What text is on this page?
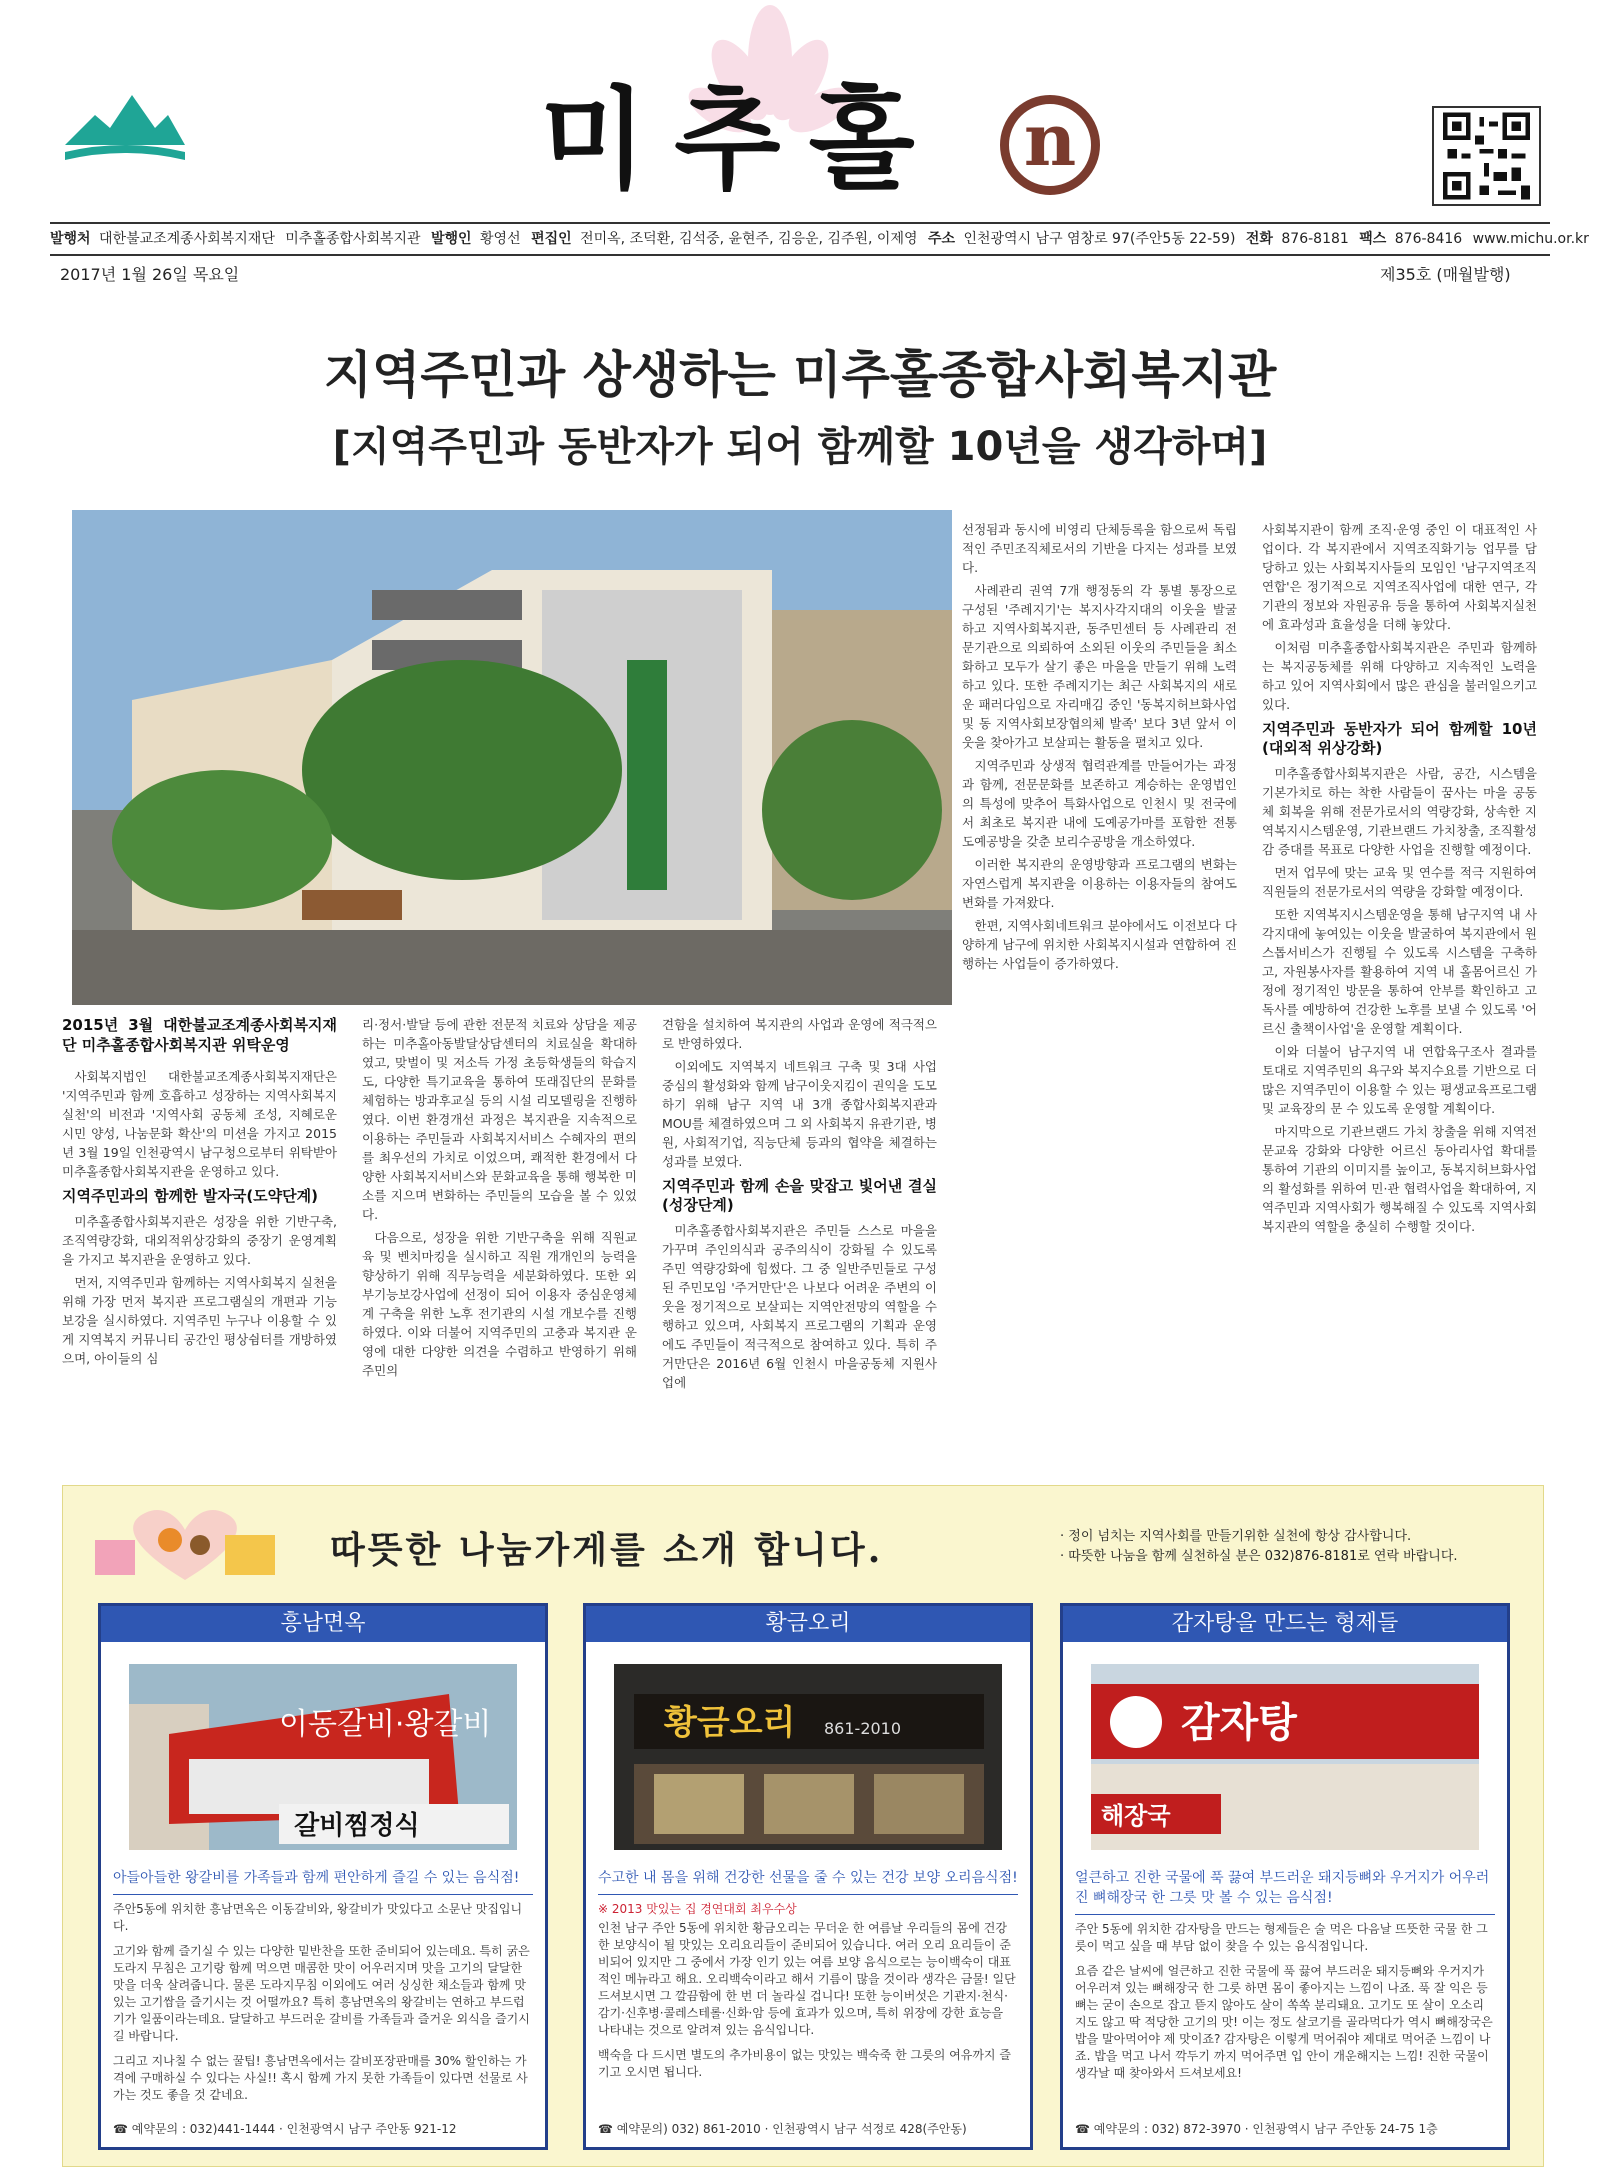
미추홀	n
발행처 대한불교조계종사회복지재단 미추홀종합사회복지관 발행인 황영선 편집인 전미옥, 조덕환, 김석중, 윤현주, 김응운, 김주원, 이제영 주소 인천광역시 남구 염창로 97(주안5동 22-59) 전화 876-8181 팩스 876-8416 www.michu.or.kr
2017년 1월 26일 목요일	제35호 (매월발행)
지역주민과 상생하는 미추홀종합사회복지관
[지역주민과 동반자가 되어 함께할 10년을 생각하며]
2015년 3월 대한불교조계종사회복지재단 미추홀종합사회복지관 위탁운영

사회복지법인 대한불교조계종사회복지재단은 '지역주민과 함께 호흡하고 성장하는 지역사회복지 실천'의 비전과 '지역사회 공동체 조성, 지혜로운 시민 양성, 나눔문화 확산'의 미션을 가지고 2015년 3월 19일 인천광역시 남구청으로부터 위탁받아 미추홀종합사회복지관을 운영하고 있다.

지역주민과의 함께한 발자국(도약단계)

미추홀종합사회복지관은 성장을 위한 기반구축, 조직역량강화, 대외적위상강화의 중장기 운영계획을 가지고 복지관을 운영하고 있다.

먼저, 지역주민과 함께하는 지역사회복지 실천을 위해 가장 먼저 복지관 프로그램실의 개편과 기능보강을 실시하였다. 지역주민 누구나 이용할 수 있게 지역복지 커뮤니티 공간인 평상쉼터를 개방하였으며, 아이들의 심

리·정서·발달 등에 관한 전문적 치료와 상담을 제공하는 미추홀아동발달상담센터의 치료실을 확대하였고, 맞벌이 및 저소득 가정 초등학생들의 학습지도, 다양한 특기교육을 통하여 또래집단의 문화를 체험하는 방과후교실 등의 시설 리모델링을 진행하였다. 이번 환경개선 과정은 복지관을 지속적으로 이용하는 주민들과 사회복지서비스 수혜자의 편의를 최우선의 가치로 이었으며, 쾌적한 환경에서 다양한 사회복지서비스와 문화교육을 통해 행복한 미소를 지으며 변화하는 주민들의 모습을 볼 수 있었다.

다음으로, 성장을 위한 기반구축을 위해 직원교육 및 벤치마킹을 실시하고 직원 개개인의 능력을 향상하기 위해 직무능력을 세분화하였다. 또한 외부기능보강사업에 선정이 되어 이용자 중심운영체계 구축을 위한 노후 전기관의 시설 개보수를 진행하였다. 이와 더불어 지역주민의 고충과 복지관 운영에 대한 다양한 의견을 수렴하고 반영하기 위해 주민의

견함을 설치하여 복지관의 사업과 운영에 적극적으로 반영하였다.

이외에도 지역복지 네트워크 구축 및 3대 사업 중심의 활성화와 함께 남구이웃지킴이 권익을 도모하기 위해 남구 지역 내 3개 종합사회복지관과 MOU를 체결하였으며 그 외 사회복지 유관기관, 병원, 사회적기업, 직능단체 등과의 협약을 체결하는 성과를 보였다.

지역주민과 함께 손을 맞잡고 빛어낸 결실(성장단계)

미추홀종합사회복지관은 주민들 스스로 마을을 가꾸며 주인의식과 공주의식이 강화될 수 있도록 주민 역량강화에 힘썼다. 그 중 일반주민들로 구성된 주민모임 '주거만단'은 나보다 어려운 주변의 이웃을 정기적으로 보살피는 지역안전망의 역할을 수행하고 있으며, 사회복지 프로그램의 기획과 운영에도 주민들이 적극적으로 참여하고 있다. 특히 주거만단은 2016년 6월 인천시 마을공동체 지원사업에

선정됨과 동시에 비영리 단체등록을 함으로써 독립적인 주민조직체로서의 기반을 다지는 성과를 보였다.

사례관리 권역 7개 행정동의 각 통별 통장으로 구성된 '주례지기'는 복지사각지대의 이웃을 발굴하고 지역사회복지관, 동주민센터 등 사례관리 전문기관으로 의뢰하여 소외된 이웃의 주민들을 최소화하고 모두가 살기 좋은 마을을 만들기 위해 노력하고 있다. 또한 주례지기는 최근 사회복지의 새로운 패러다임으로 자리매김 중인 '동복지허브화사업 및 동 지역사회보장협의체 발족' 보다 3년 앞서 이웃을 찾아가고 보살피는 활동을 펼치고 있다.

지역주민과 상생적 협력관계를 만들어가는 과정과 함께, 전문문화를 보존하고 계승하는 운영법인의 특성에 맞추어 특화사업으로 인천시 및 전국에서 최초로 복지관 내에 도예공가마를 포함한 전통도예공방을 갖춘 보리수공방을 개소하였다.

이러한 복지관의 운영방향과 프로그램의 변화는 자연스럽게 복지관을 이용하는 이용자들의 참여도 변화를 가져왔다.

한편, 지역사회네트워크 분야에서도 이전보다 다양하게 남구에 위치한 사회복지시설과 연합하여 진행하는 사업들이 증가하였다.

사회복지관이 함께 조직·운영 중인 이 대표적인 사업이다. 각 복지관에서 지역조직화기능 업무를 담당하고 있는 사회복지사들의 모임인 '남구지역조직연합'은 정기적으로 지역조직사업에 대한 연구, 각 기관의 정보와 자원공유 등을 통하여 사회복지실천에 효과성과 효율성을 더해 놓았다.

이처럼 미추홀종합사회복지관은 주민과 함께하는 복지공동체를 위해 다양하고 지속적인 노력을 하고 있어 지역사회에서 많은 관심을 불러일으키고 있다.

지역주민과 동반자가 되어 함께할 10년 (대외적 위상강화)

미추홀종합사회복지관은 사람, 공간, 시스템을 기본가치로 하는 착한 사람들이 꿈사는 마을 공동체 회복을 위해 전문가로서의 역량강화, 상속한 지역복지시스템운영, 기관브랜드 가치창출, 조직활성감 증대를 목표로 다양한 사업을 진행할 예정이다.

먼저 업무에 맞는 교육 및 연수를 적극 지원하여 직원들의 전문가로서의 역량을 강화할 예정이다.

또한 지역복지시스템운영을 통해 남구지역 내 사각지대에 놓여있는 이웃을 발굴하여 복지관에서 원스톱서비스가 진행될 수 있도록 시스템을 구축하고, 자원봉사자를 활용하여 지역 내 홀몸어르신 가정에 정기적인 방문을 통하여 안부를 확인하고 고독사를 예방하여 건강한 노후를 보낼 수 있도록 '어르신 출책이사업'을 운영할 계획이다.

이와 더불어 남구지역 내 연합육구조사 결과를 토대로 지역주민의 욕구와 복지수요를 기반으로 더 많은 지역주민이 이용할 수 있는 평생교육프로그램 및 교육장의 문 수 있도록 운영할 계획이다.

마지막으로 기관브랜드 가치 창출을 위해 지역전문교육 강화와 다양한 어르신 동아리사업 확대를 통하여 기관의 이미지를 높이고, 동복지허브화사업의 활성화를 위하여 민·관 협력사업을 확대하여, 지역주민과 지역사회가 행복해질 수 있도록 지역사회복지관의 역할을 충실히 수행할 것이다.

따뜻한 나눔가게를 소개 합니다.	· 정이 넘치는 지역사회를 만들기위한 실천에 항상 감사합니다.
· 따뜻한 나눔을 함께 실천하실 분은 032)876-8181로 연락 바랍니다.
흥남면옥
이동갈비·왕갈비
갈비찜정식
아들아들한 왕갈비를 가족들과 함께 편안하게 즐길 수 있는 음식점!

주안5동에 위치한 흥남면옥은 이동갈비와, 왕갈비가 맛있다고 소문난 맛집입니다.

고기와 함께 즐기실 수 있는 다양한 밑반찬을 또한 준비되어 있는데요. 특히 굵은 도라지 무침은 고기랑 함께 먹으면 매콤한 맛이 어우러지며 맛을 고기의 달달한 맛을 더욱 살려줍니다. 물론 도라지무침 이외에도 여러 싱싱한 채소들과 함께 맛있는 고기쌈을 즐기시는 것 어떨까요? 특히 흥남면옥의 왕갈비는 연하고 부드럽기가 일품이라는데요. 달달하고 부드러운 갈비를 가족들과 즐거운 외식을 즐기시길 바랍니다.

그리고 지나칠 수 없는 꿀팁! 흥남면옥에서는 갈비포장판매를 30% 할인하는 가격에 구매하실 수 있다는 사실!! 혹시 함께 가지 못한 가족들이 있다면 선물로 사가는 것도 좋을 것 같네요.

☎ 예약문의 : 032)441-1444 · 인천광역시 남구 주안동 921-12
황금오리
황금오리 861-2010
수고한 내 몸을 위해 건강한 선물을 줄 수 있는 건강 보양 오리음식점!

※ 2013 맛있는 집 경연대회 최우수상

인천 남구 주안 5동에 위치한 황금오리는 무더운 한 여름날 우리들의 몸에 건강한 보양식이 될 맛있는 오리요리들이 준비되어 있습니다. 여러 오리 요리들이 준비되어 있지만 그 중에서 가장 인기 있는 여름 보양 음식으로는 능이백숙이 대표적인 메뉴라고 해요. 오리백숙이라고 해서 기름이 많을 것이라 생각은 금물! 일단 드셔보시면 그 깔끔함에 한 번 더 놀라실 겁니다! 또한 능이버섯은 기관지·천식·감기·신후병·콜레스테롤·신화·암 등에 효과가 있으며, 특히 위장에 강한 효능을 나타내는 것으로 알려져 있는 음식입니다.

백숙을 다 드시면 별도의 추가비용이 없는 맛있는 백숙죽 한 그릇의 여유까지 즐기고 오시면 됩니다.

☎ 예약문의) 032) 861-2010 · 인천광역시 남구 석정로 428(주안동)
감자탕을 만드는 형제들
감자탕
해장국
얼큰하고 진한 국물에 푹 끓여 부드러운 돼지등뼈와 우거지가 어우러진 뼈해장국 한 그릇 맛 볼 수 있는 음식점!

주안 5동에 위치한 감자탕을 만드는 형제들은 술 먹은 다음날 뜨뜻한 국물 한 그릇이 먹고 싶을 때 부담 없이 찾을 수 있는 음식점입니다.

요즘 같은 날씨에 얼큰하고 진한 국물에 푹 끓여 부드러운 돼지등뼈와 우거지가 어우러져 있는 뼈해장국 한 그릇 하면 몸이 좋아지는 느낌이 나죠. 푹 잘 익은 등뼈는 굳이 손으로 잡고 뜯지 않아도 살이 쏙쏙 분리돼요. 고기도 또 살이 오소리지도 않고 딱 적당한 고기의 맛! 이는 정도 살코기를 골라먹다가 역시 뼈해장국은 밥을 말아먹어야 제 맛이죠? 감자탕은 이렇게 먹어줘야 제대로 먹어준 느낌이 나죠. 밥을 먹고 나서 깍두기 까지 먹어주면 입 안이 개운해지는 느낌! 진한 국물이 생각날 때 찾아와서 드셔보세요!

☎ 예약문의 : 032) 872-3970 · 인천광역시 남구 주안동 24-75 1층
